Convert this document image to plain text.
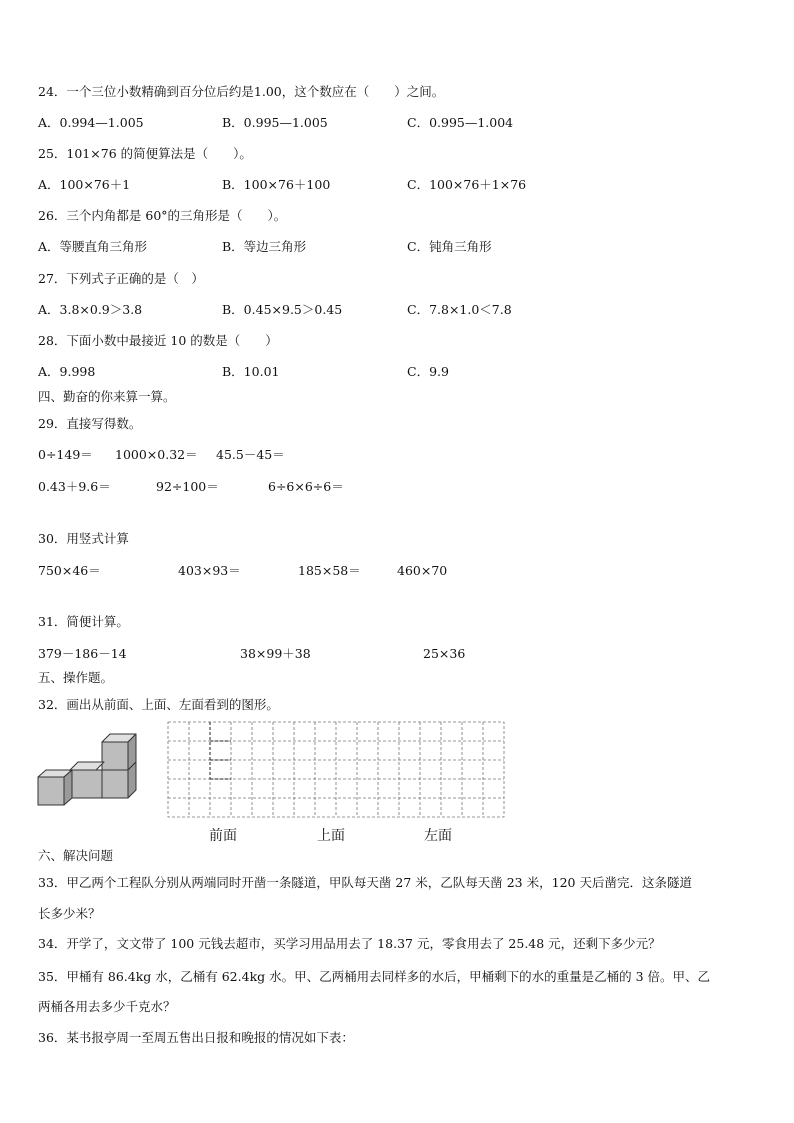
24．一个三位小数精确到百分位后约是1.00，这个数应在（　　）之间。
A．0.994—1.005	B．0.995—1.005	C．0.995—1.004
25．101×76 的简便算法是（　　）。
A．100×76＋1	B．100×76＋100	C．100×76＋1×76
26．三个内角都是 60°的三角形是（　　）。
A．等腰直角三角形	B．等边三角形	C．钝角三角形
27．下列式子正确的是（　）
A．3.8×0.9＞3.8	B．0.45×9.5＞0.45	C．7.8×1.0＜7.8
28．下面小数中最接近 10 的数是（　　）
A．9.998	B．10.01	C．9.9
四、勤奋的你来算一算。
29．直接写得数。
0÷149＝ 1000×0.32＝ 45.5－45＝
0.43＋9.6＝	92÷100＝	6÷6×6÷6＝
30．用竖式计算
750×46＝	403×93＝	185×58＝	460×70
31．简便计算。
379－186－14	38×99＋38	25×36
五、操作题。
32．画出从前面、上面、左面看到的图形。
前面	上面	左面
六、解决问题
33．甲乙两个工程队分别从两端同时开凿一条隧道，甲队每天凿 27 米，乙队每天凿 23 米，120 天后凿完．这条隧道
长多少米？
34．开学了，文文带了 100 元钱去超市，买学习用品用去了 18.37 元，零食用去了 25.48 元，还剩下多少元？
35．甲桶有 86.4kg 水，乙桶有 62.4kg 水。甲、乙两桶用去同样多的水后，甲桶剩下的水的重量是乙桶的 3 倍。甲、乙
两桶各用去多少千克水？
36．某书报亭周一至周五售出日报和晚报的情况如下表：
